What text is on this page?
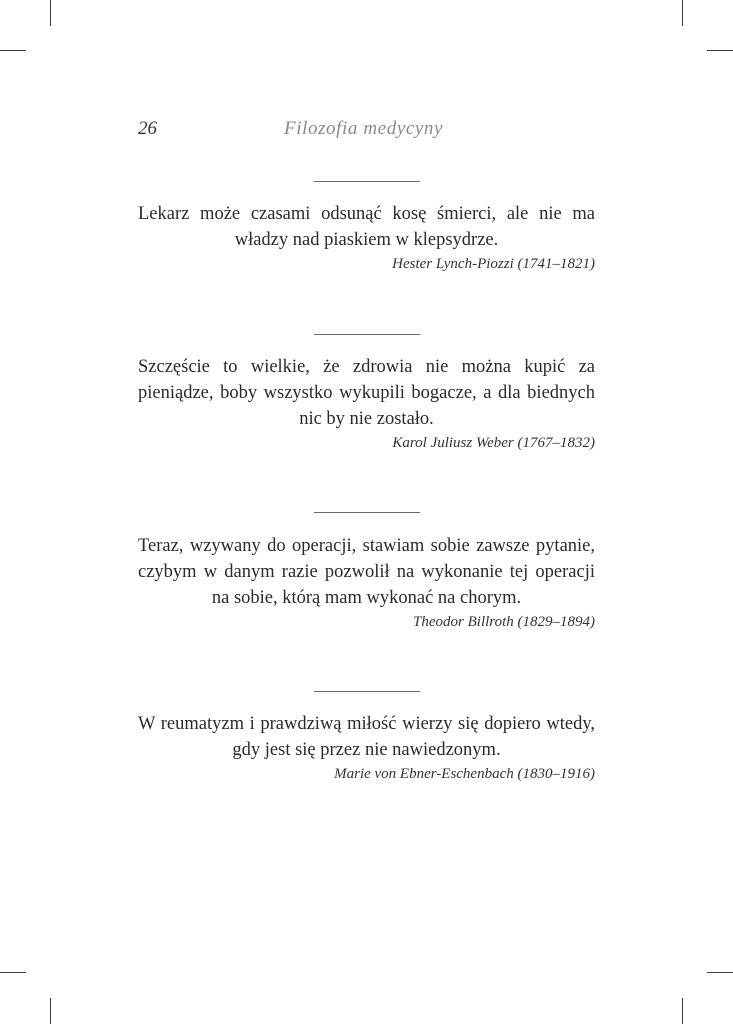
26	Filozofia medycyny

Lekarz może czasami odsunąć kosę śmierci, ale nie ma władzy nad piaskiem w klepsydrze.

Hester Lynch-Piozzi (1741–1821)

Szczęście to wielkie, że zdrowia nie można kupić za pieniądze, boby wszystko wykupili bogacze, a dla biednych nic by nie zostało.

Karol Juliusz Weber (1767–1832)

Teraz, wzywany do operacji, stawiam sobie zawsze pytanie, czybym w danym razie pozwolił na wykonanie tej operacji na sobie, którą mam wykonać na chorym.

Theodor Billroth (1829–1894)

W reumatyzm i prawdziwą miłość wierzy się dopiero wtedy, gdy jest się przez nie nawiedzonym.

Marie von Ebner-Eschenbach (1830–1916)
